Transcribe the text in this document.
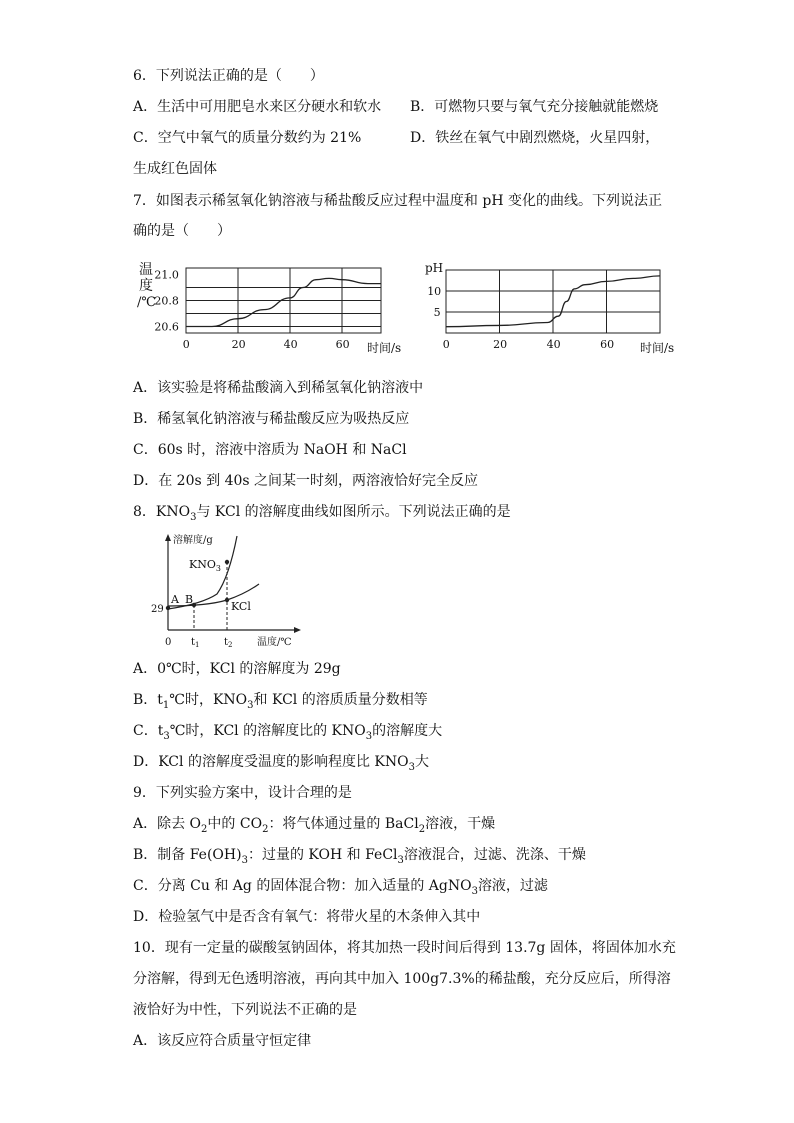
6．下列说法正确的是（　　）
A．生活中可用肥皂水来区分硬水和软水 B．可燃物只要与氧气充分接触就能燃烧
C．空气中氧气的质量分数约为 21%	D．铁丝在氧气中剧烈燃烧，火星四射，
生成红色固体
7．如图表示稀氢氧化钠溶液与稀盐酸反应过程中温度和 pH 变化的曲线。下列说法正
确的是（　　）
温
度
/℃
0	20	40	60
20.6
20.8
21.0
时间/s
pH
0	20	40	60
5
10
时间/s
A．该实验是将稀盐酸滴入到稀氢氧化钠溶液中
B．稀氢氧化钠溶液与稀盐酸反应为吸热反应
C．60s 时，溶液中溶质为 NaOH 和 NaCl
D．在 20s 到 40s 之间某一时刻，两溶液恰好完全反应
8．$KNO_3$与 KCl 的溶解度曲线如图所示。下列说法正确的是
溶解度/g
$KNO_3$
KCl
A B
29
0 $t_1$ $t_2$ 温度/℃
A．0℃时，KCl 的溶解度为 29g
B．$t_1℃$时，$KNO_3$和 KCl 的溶质质量分数相等
C．$t_3℃$时，KCl 的溶解度比的 $KNO_3$的溶解度大
D．KCl 的溶解度受温度的影响程度比 $KNO_3$大
9．下列实验方案中，设计合理的是
A．除去 $O_2$中的 $CO_2$：将气体通过量的 BaCl$_2$溶液，干燥
B．制备 $Fe(OH)_3$：过量的 KOH 和 FeCl$_3$溶液混合，过滤、洗涤、干燥
C．分离 Cu 和 Ag 的固体混合物：加入适量的 AgNO$_3$溶液，过滤
D．检验氢气中是否含有氧气：将带火星的木条伸入其中
10．现有一定量的碳酸氢钠固体，将其加热一段时间后得到 13.7g 固体，将固体加水充
分溶解，得到无色透明溶液，再向其中加入 100g7.3%的稀盐酸，充分反应后，所得溶
液恰好为中性，下列说法不正确的是
A．该反应符合质量守恒定律
